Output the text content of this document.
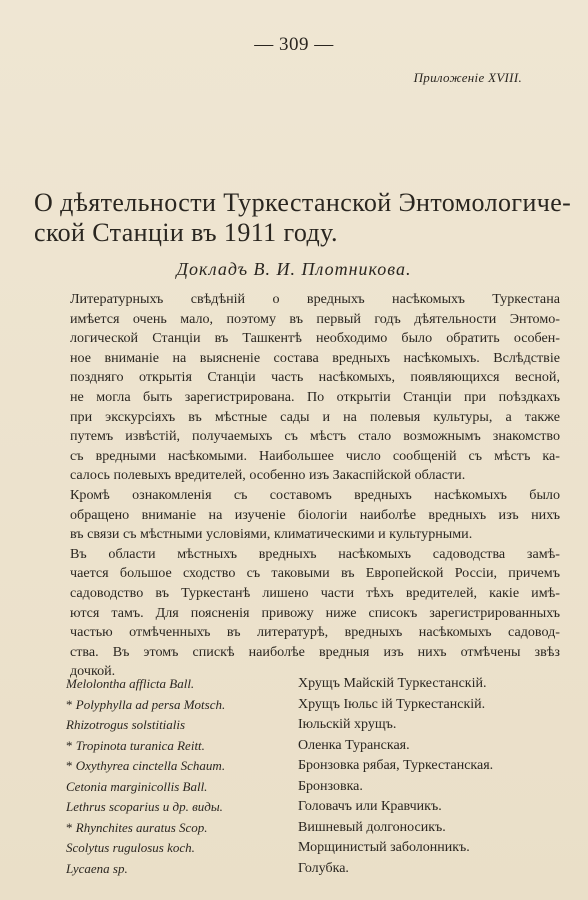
— 309 —
Приложеніе XVIII.
О дѣятельности Туркестанской Энтомологиче-
ской Станціи въ 1911 году.
Докладъ В. И. Плотникова.
Литературныхъ свѣдѣній о вредныхъ насѣкомыхъ Туркестана
имѣется очень мало, поэтому въ первый годъ дѣятельности Энтомо-
логической Станціи въ Ташкентѣ необходимо было обратить особен-
ное вниманіе на выясненіе состава вредныхъ насѣкомыхъ. Вслѣдствіе
поздняго открытія Станціи часть насѣкомыхъ, появляющихся весной,
не могла быть зарегистрирована. По открытіи Станціи при поѣздкахъ
при экскурсіяхъ въ мѣстные сады и на полевыя культуры, а также
путемъ извѣстій, получаемыхъ съ мѣстъ стало возможнымъ знакомство
съ вредными насѣкомыми. Наибольшее число сообщеній съ мѣстъ ка-
салось полевыхъ вредителей, особенно изъ Закаспійской области.
Кромѣ ознакомленія съ составомъ вредныхъ насѣкомыхъ было
обращено вниманіе на изученіе біологіи наиболѣе вредныхъ изъ нихъ
въ связи съ мѣстными условіями, климатическими и культурными.
Въ области мѣстныхъ вредныхъ насѣкомыхъ садоводства замѣ-
чается большое сходство съ таковыми въ Европейской Россіи, причемъ
садоводство въ Туркестанѣ лишено части тѣхъ вредителей, какіе имѣ-
ются тамъ. Для поясненія привожу ниже списокъ зарегистрированныхъ
частью отмѣченныхъ въ литературѣ, вредныхъ насѣкомыхъ садовод-
ства. Въ этомъ спискѣ наиболѣе вредныя изъ нихъ отмѣчены звѣз
дочкой.
Melolontha afflicta Ball.	Хрущъ Майскій Туркестанскій.
* Polyphylla ad persa Motsch.	Хрущъ Іюльс ій Туркестанскій.
Rhizotrogus solstitialis	Іюльскій хрущъ.
* Tropinota turanica Reitt.	Оленка Туранская.
* Oxythyrea cinctella Schaum.	Бронзовка рябая, Туркестанская.
Cetonia marginicollis Ball.	Бронзовка.
Lethrus scoparius и др. виды.	Головачъ или Кравчикъ.
* Rhynchites auratus Scop.	Вишневый долгоносикъ.
Scolytus rugulosus koch.	Морщинистый заболонникъ.
Lycaena sp.	Голубка.
